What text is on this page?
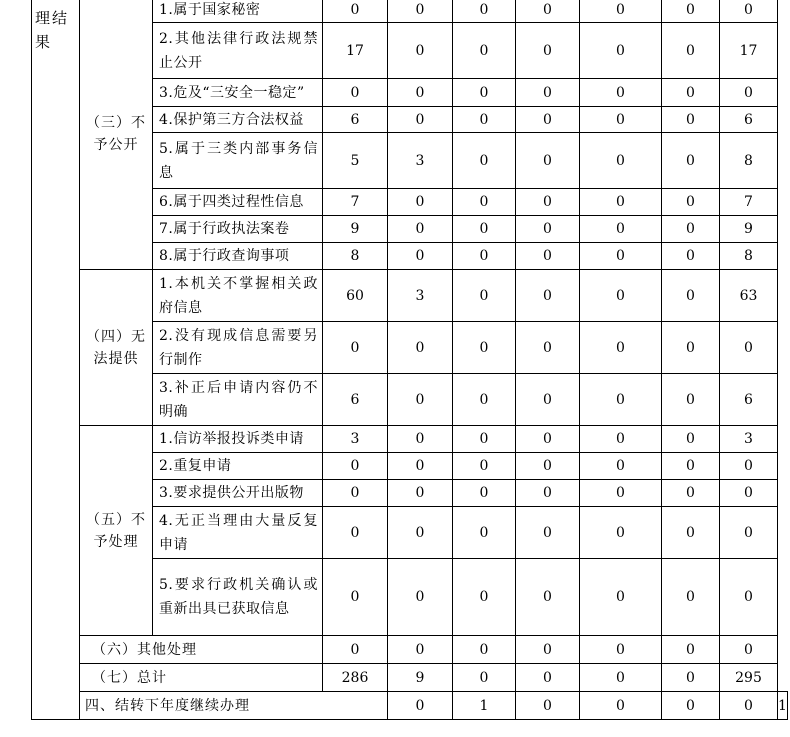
理结果	（三）不予公开	1.属于国家秘密	0	0	0	0	0	0	0	
		2.其他法律行政法规禁止公开	17	0	0	0	0	0	17	
		3.危及“三安全一稳定”	0	0	0	0	0	0	0	
		4.保护第三方合法权益	6	0	0	0	0	0	6	
		5.属于三类内部事务信息	5	3	0	0	0	0	8	
		6.属于四类过程性信息	7	0	0	0	0	0	7	
		7.属于行政执法案卷	9	0	0	0	0	0	9	
		8.属于行政查询事项	8	0	0	0	0	0	8	
	（四）无法提供	1.本机关不掌握相关政府信息	60	3	0	0	0	0	63	
		2.没有现成信息需要另行制作	0	0	0	0	0	0	0	
		3.补正后申请内容仍不明确	6	0	0	0	0	0	6	
	（五）不予处理	1.信访举报投诉类申请	3	0	0	0	0	0	3	
		2.重复申请	0	0	0	0	0	0	0	
		3.要求提供公开出版物	0	0	0	0	0	0	0	
		4.无正当理由大量反复申请	0	0	0	0	0	0	0	
		5.要求行政机关确认或重新出具已获取信息	0	0	0	0	0	0	0	
	（六）其他处理		0	0	0	0	0	0	0	
	（七）总计		286	9	0	0	0	0	295	
	四、结转下年度继续办理			0	1	0	0	0	0	1
